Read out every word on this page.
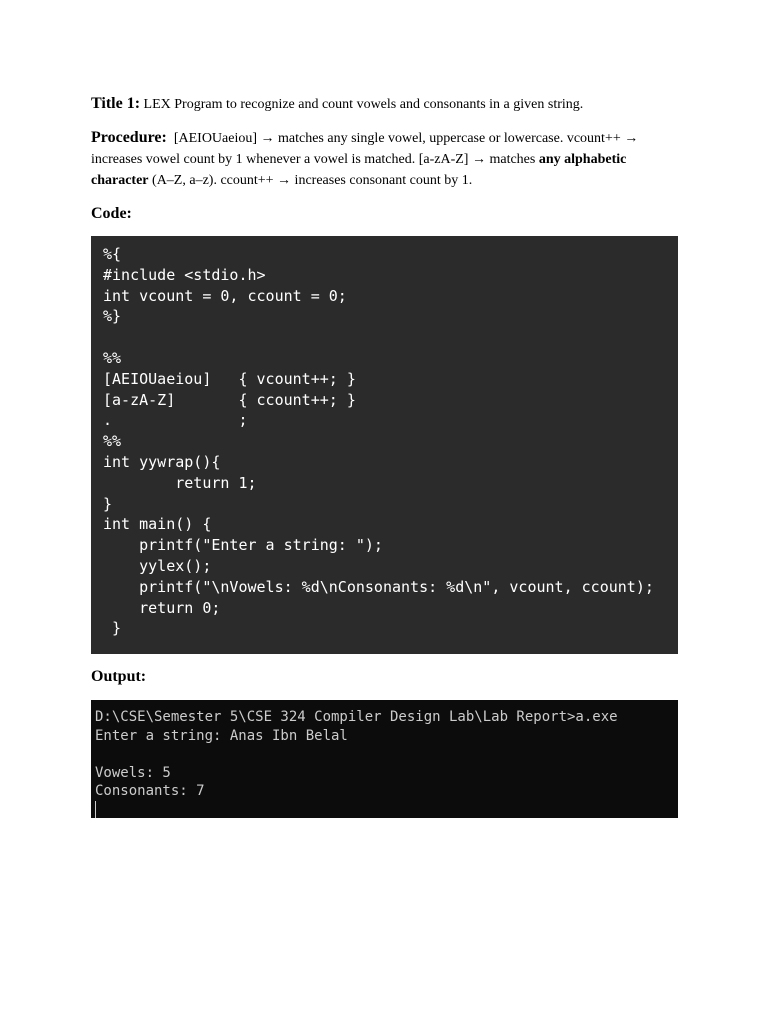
Title 1: LEX Program to recognize and count vowels and consonants in a given string.

Procedure: [AEIOUaeiou] → matches any single vowel, uppercase or lowercase. vcount++ → increases vowel count by 1 whenever a vowel is matched. [a-zA-Z] → matches any alphabetic character (A–Z, a–z). ccount++ → increases consonant count by 1.

Code:

%{
#include <stdio.h>
int vcount = 0, ccount = 0;
%}

%%
[AEIOUaeiou]   { vcount++; }
[a-zA-Z]       { ccount++; }
.              ;
%%
int yywrap(){
return 1;
}
int main() {
printf("Enter a string: ");
yylex();
printf("\nVowels: %d\nConsonants: %d\n", vcount, ccount);
return 0;
}

Output:

D:\CSE\Semester 5\CSE 324 Compiler Design Lab\Lab Report>a.exe
Enter a string: Anas Ibn Belal

Vowels: 5
Consonants: 7
